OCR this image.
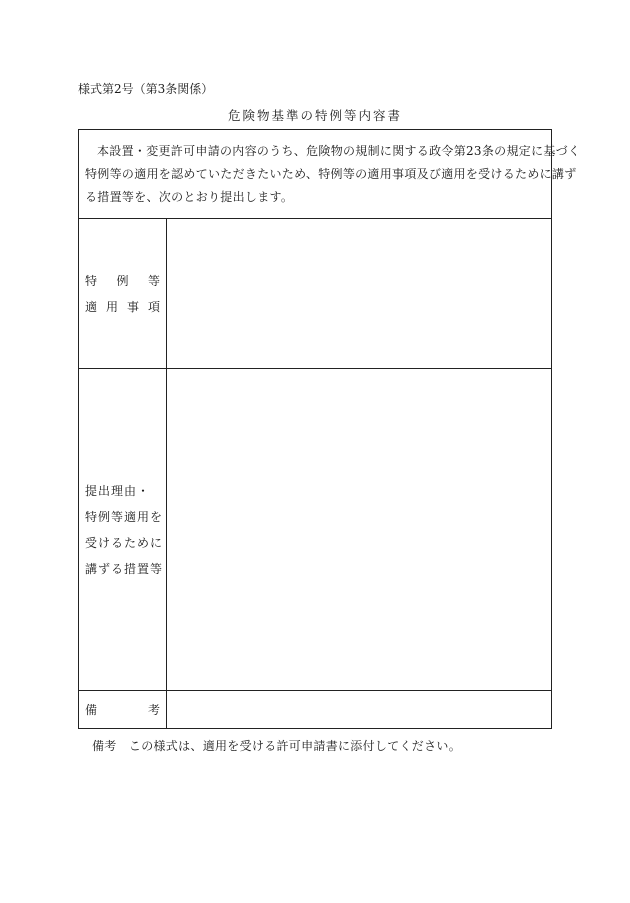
様式第2号（第3条関係）
危険物基準の特例等内容書
本設置・変更許可申請の内容のうち、危険物の規制に関する政令第23条の規定に基づく
特例等の適用を認めていただきたいため、特例等の適用事項及び適用を受けるために講ず
る措置等を、次のとおり提出します。
特 例 等
適 用 事 項
提出理由・
特例等適用を
受けるために
講ずる措置等
備	考
備考　この様式は、適用を受ける許可申請書に添付してください。
